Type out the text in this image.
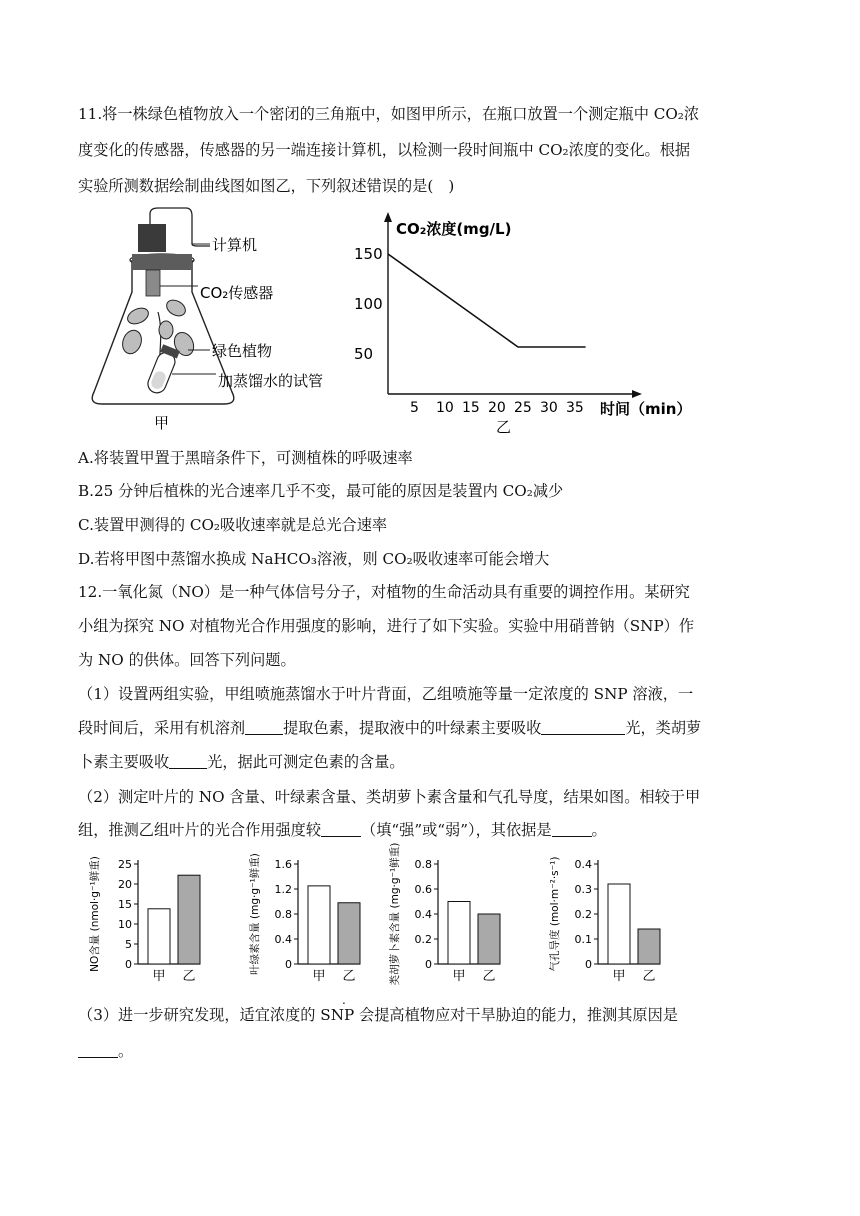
11.将一株绿色植物放入一个密闭的三角瓶中，如图甲所示，在瓶口放置一个测定瓶中 CO₂浓
度变化的传感器，传感器的另一端连接计算机，以检测一段时间瓶中 CO₂浓度的变化。根据
实验所测数据绘制曲线图如图乙，下列叙述错误的是(　)
计算机
CO₂传感器
绿色植物
加蒸馏水的试管
甲
CO₂浓度(mg/L)
时间（min）
乙
5 10 15 20 25 30 35
50
100
150
A.将装置甲置于黑暗条件下，可测植株的呼吸速率
B.25 分钟后植株的光合速率几乎不变，最可能的原因是装置内 CO₂减少
C.装置甲测得的 CO₂吸收速率就是总光合速率
D.若将甲图中蒸馏水换成 NaHCO₃溶液，则 CO₂吸收速率可能会增大
12.一氧化氮（NO）是一种气体信号分子，对植物的生命活动具有重要的调控作用。某研究
小组为探究 NO 对植物光合作用强度的影响，进行了如下实验。实验中用硝普钠（SNP）作
为 NO 的供体。回答下列问题。
（1）设置两组实验，甲组喷施蒸馏水于叶片背面，乙组喷施等量一定浓度的 SNP 溶液，一
段时间后，采用有机溶剂	提取色素，提取液中的叶绿素主要吸收	光，类胡萝
卜素主要吸收	光，据此可测定色素的含量。
（2）测定叶片的 NO 含量、叶绿素含量、类胡萝卜素含量和气孔导度，结果如图。相较于甲
组，推测乙组叶片的光合作用强度较	（填“强”或“弱”），其依据是	。
0
5
10
15
20
25
NO含量 (nmol·g⁻¹鲜重)
甲 乙
0
0.4
0.8
1.2
1.6
叶绿素含量 (mg·g⁻¹鲜重)
甲 乙
0
0.2
0.4
0.6
0.8
类胡萝卜素含量 (mg·g⁻¹鲜重)	甲 乙
0
0.1
0.2
0.3
0.4
气孔导度 (mol·m⁻²·s⁻¹)
甲 乙
.
（3）进一步研究发现，适宜浓度的 SNP 会提高植物应对干旱胁迫的能力，推测其原因是
。
